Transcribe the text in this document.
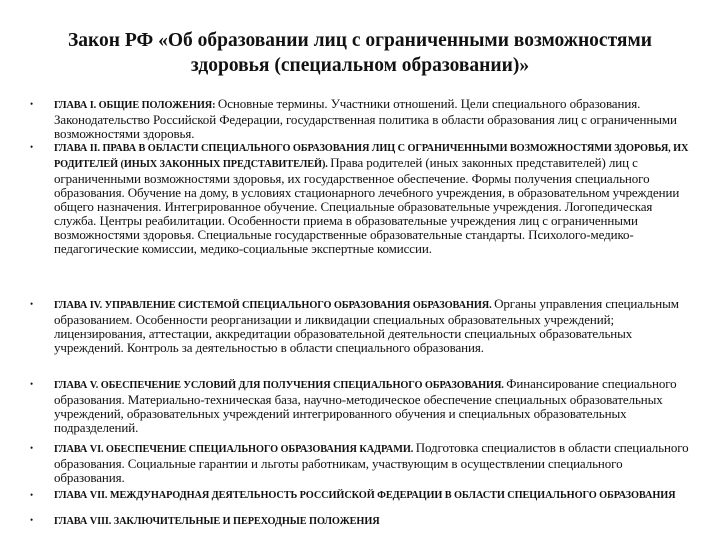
Закон РФ «Об образовании лиц с ограниченными возможностями здоровья (специальном образовании)»
• ГЛАВА I. ОБЩИЕ ПОЛОЖЕНИЯ: Основные термины. Участники отношений. Цели специального образования. Законодательство Российской Федерации, государственная политика в области образования лиц с ограниченными возможностями здоровья.
• ГЛАВА II. ПРАВА В ОБЛАСТИ СПЕЦИАЛЬНОГО ОБРАЗОВАНИЯ ЛИЦ С ОГРАНИЧЕННЫМИ ВОЗМОЖНОСТЯМИ ЗДОРОВЬЯ, ИХ РОДИТЕЛЕЙ (ИНЫХ ЗАКОННЫХ ПРЕДСТАВИТЕЛЕЙ). Права родителей (иных законных представителей) лиц с ограниченными возможностями здоровья, их государственное обеспечение. Формы получения специального образования. Обучение на дому, в условиях стационарного лечебного учреждения, в образовательном учреждении общего назначения. Интегрированное обучение. Специальные образовательные учреждения. Логопедическая служба. Центры реабилитации. Особенности приема в образовательные учреждения лиц с ограниченными возможностями здоровья. Специальные государственные образовательные стандарты. Психолого-медико-педагогические комиссии, медико-социальные экспертные комиссии.
• ГЛАВА IV. УПРАВЛЕНИЕ СИСТЕМОЙ СПЕЦИАЛЬНОГО ОБРАЗОВАНИЯ ОБРАЗОВАНИЯ. Органы управления специальным образованием. Особенности реорганизации и ликвидации специальных образовательных учреждений; лицензирования, аттестации, аккредитации образовательной деятельности специальных образовательных учреждений. Контроль за деятельностью в области специального образования.
• ГЛАВА V. ОБЕСПЕЧЕНИЕ УСЛОВИЙ ДЛЯ ПОЛУЧЕНИЯ СПЕЦИАЛЬНОГО ОБРАЗОВАНИЯ. Финансирование специального образования. Материально-техническая база, научно-методическое обеспечение специальных образовательных учреждений, образовательных учреждений интегрированного обучения и специальных образовательных подразделений.
• ГЛАВА VI. ОБЕСПЕЧЕНИЕ СПЕЦИАЛЬНОГО ОБРАЗОВАНИЯ КАДРАМИ. Подготовка специалистов в области специального образования. Социальные гарантии и льготы работникам, участвующим в осуществлении специального образования.
• ГЛАВА VII. МЕЖДУНАРОДНАЯ ДЕЯТЕЛЬНОСТЬ РОССИЙСКОЙ ФЕДЕРАЦИИ В ОБЛАСТИ СПЕЦИАЛЬНОГО ОБРАЗОВАНИЯ
• ГЛАВА VIII. ЗАКЛЮЧИТЕЛЬНЫЕ И ПЕРЕХОДНЫЕ ПОЛОЖЕНИЯ
